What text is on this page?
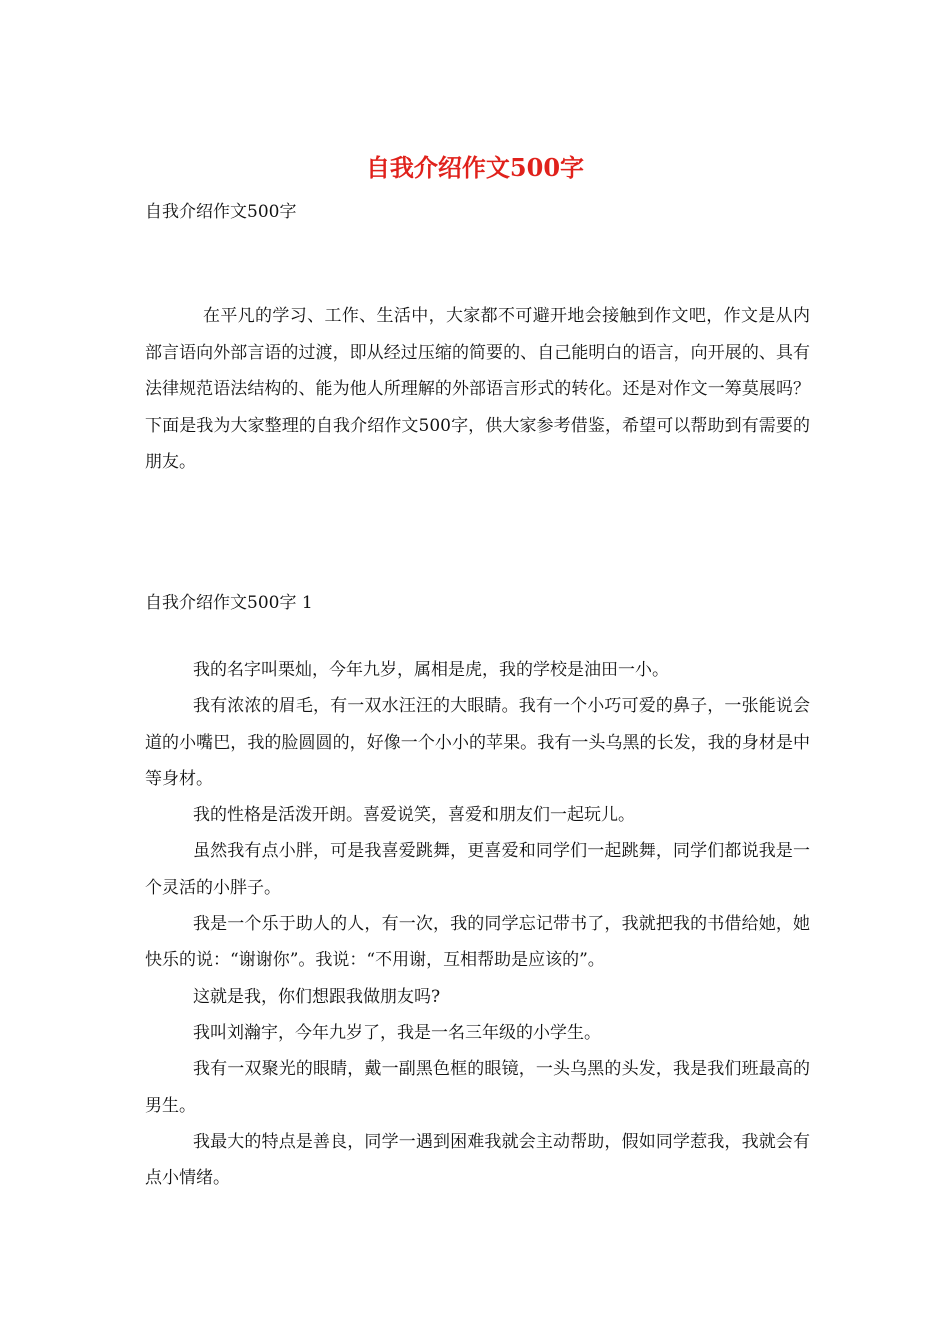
自我介绍作文500字
自我介绍作文500字

在平凡的学习、工作、生活中，大家都不可避开地会接触到作文吧，作文是从内部言语向外部言语的过渡，即从经过压缩的简要的、自己能明白的语言，向开展的、具有法律规范语法结构的、能为他人所理解的外部语言形式的转化。还是对作文一筹莫展吗？下面是我为大家整理的自我介绍作文500字，供大家参考借鉴，希望可以帮助到有需要的朋友。

自我介绍作文500字 1

我的名字叫栗灿，今年九岁，属相是虎，我的学校是油田一小。

我有浓浓的眉毛，有一双水汪汪的大眼睛。我有一个小巧可爱的鼻子，一张能说会道的小嘴巴，我的脸圆圆的，好像一个小小的苹果。我有一头乌黑的长发，我的身材是中等身材。

我的性格是活泼开朗。喜爱说笑，喜爱和朋友们一起玩儿。

虽然我有点小胖，可是我喜爱跳舞，更喜爱和同学们一起跳舞，同学们都说我是一个灵活的小胖子。

我是一个乐于助人的人，有一次，我的同学忘记带书了，我就把我的书借给她，她快乐的说：“谢谢你”。我说：“不用谢，互相帮助是应该的”。

这就是我，你们想跟我做朋友吗?

我叫刘瀚宇，今年九岁了，我是一名三年级的小学生。

我有一双聚光的眼睛，戴一副黑色框的眼镜，一头乌黑的头发，我是我们班最高的男生。

我最大的特点是善良，同学一遇到困难我就会主动帮助，假如同学惹我，我就会有点小情绪。
